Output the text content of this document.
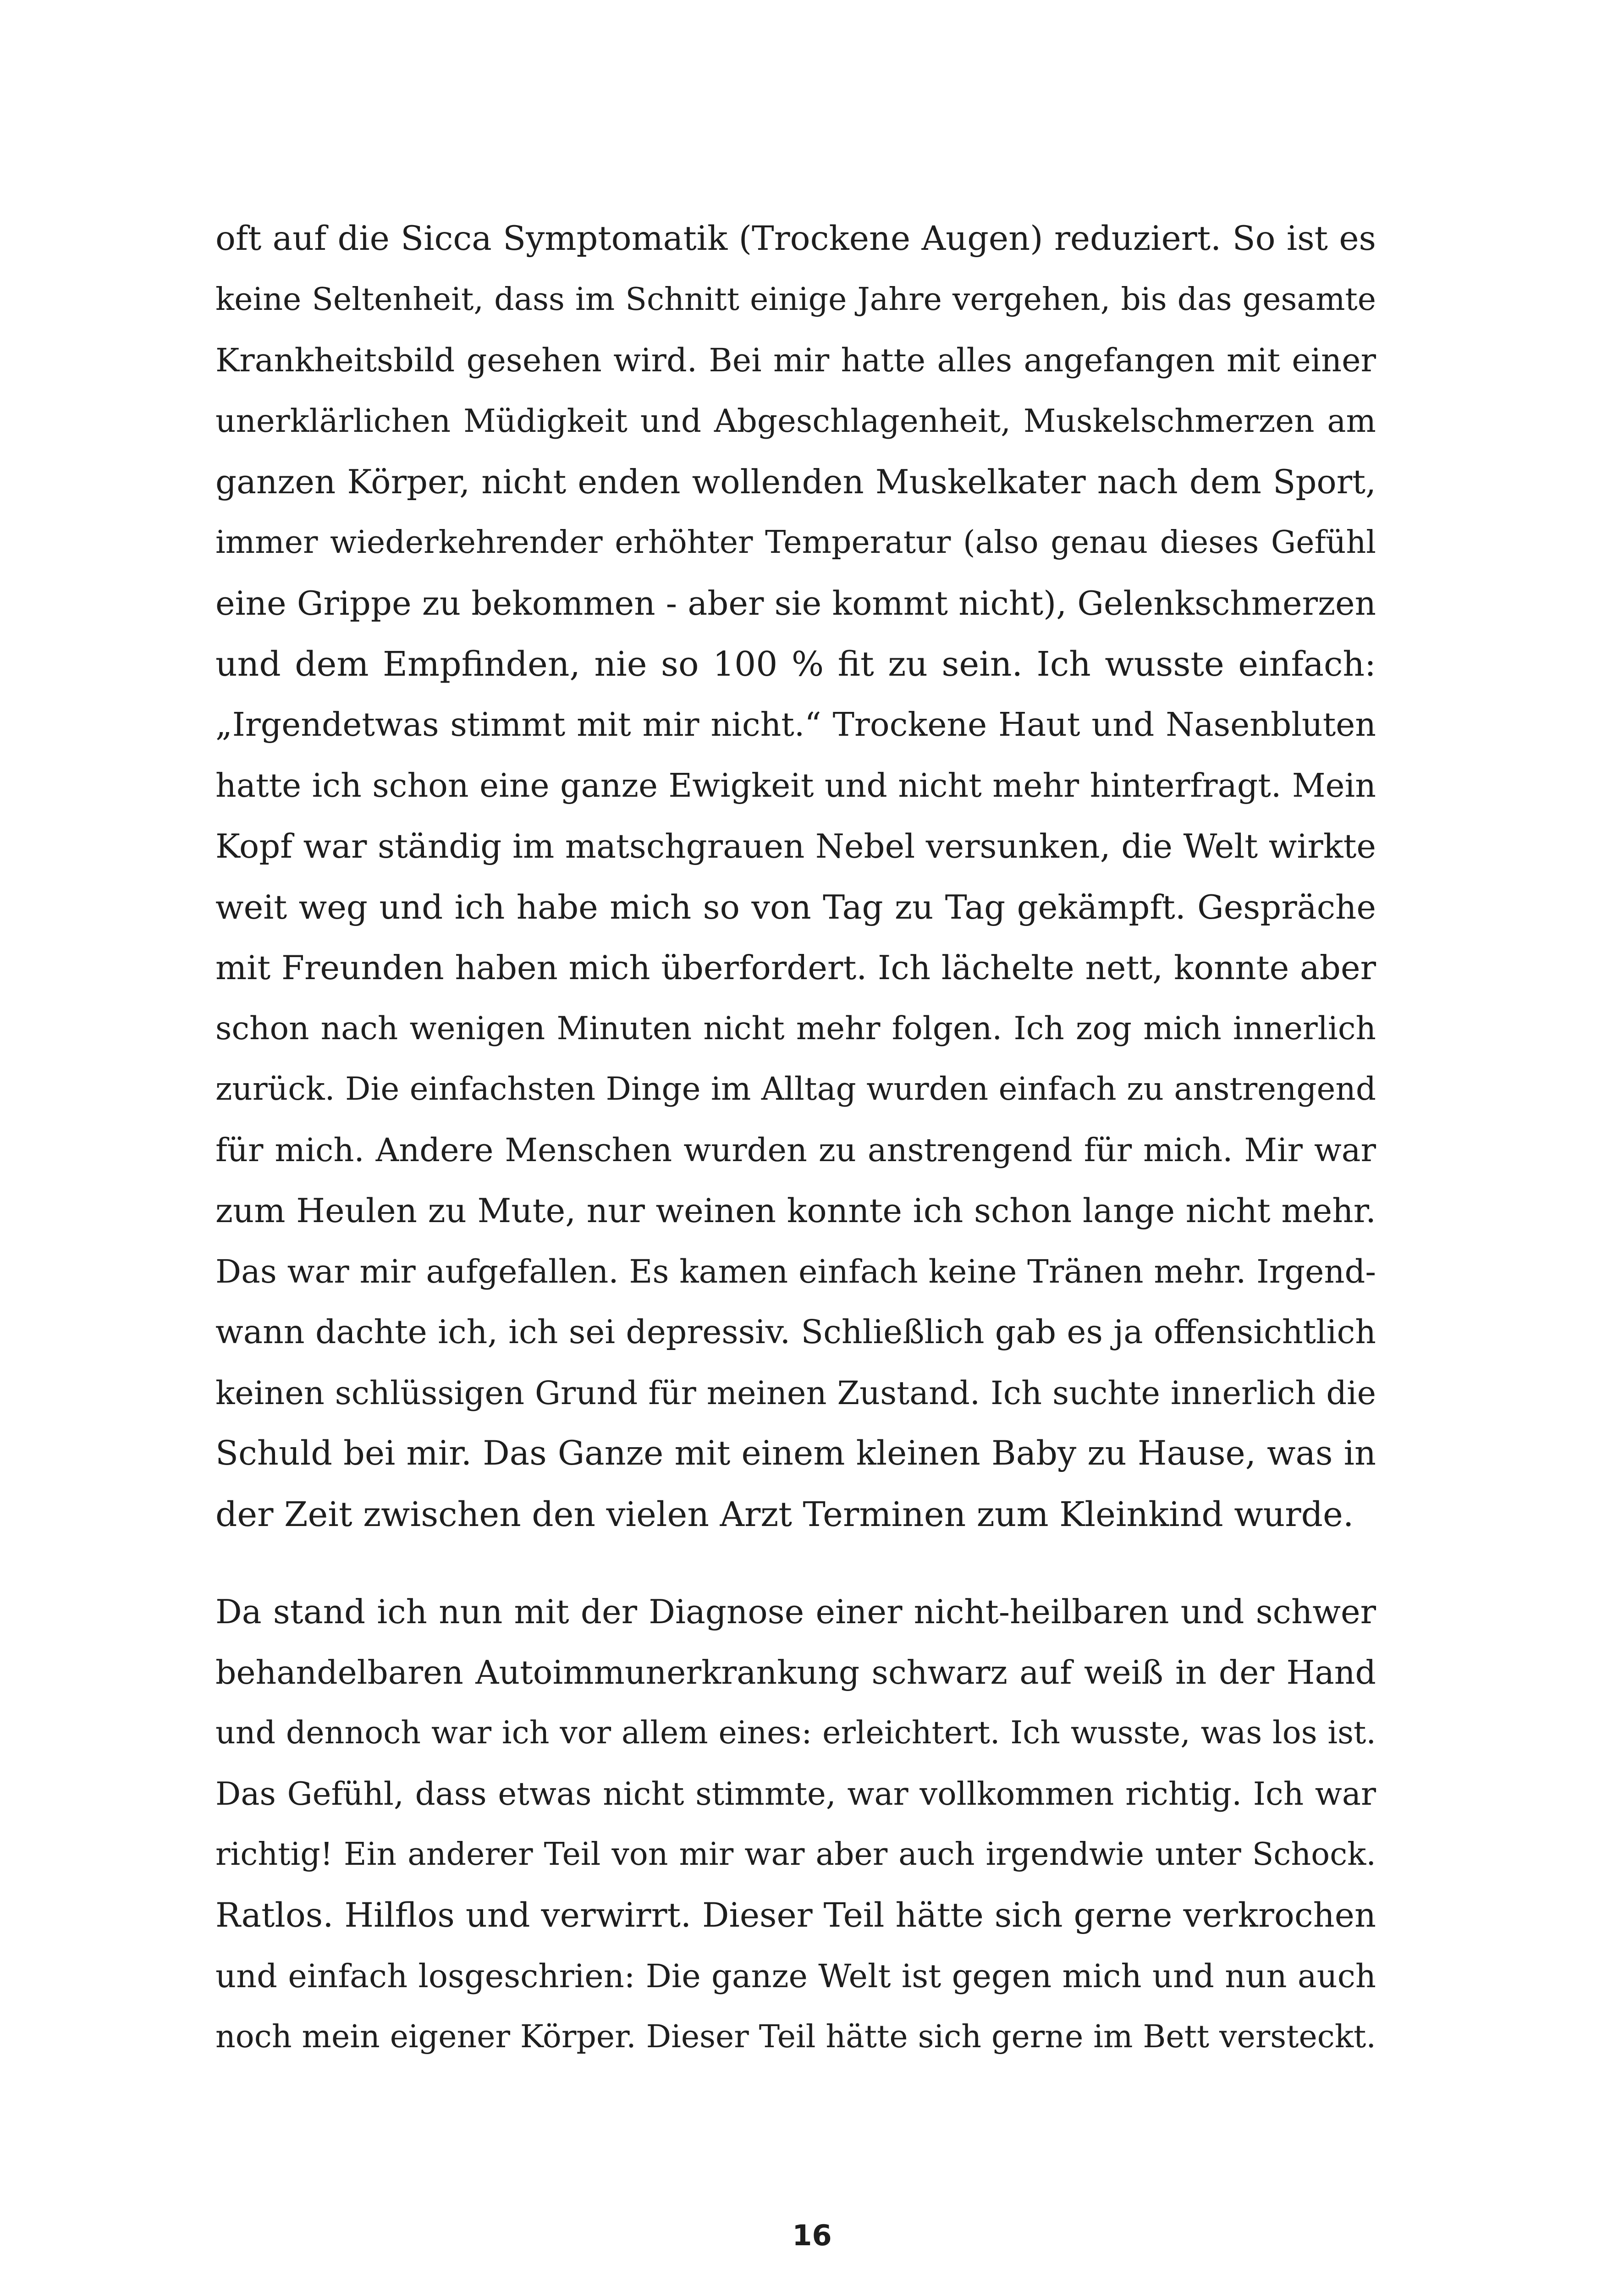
oft auf die Sicca Symptomatik (Trockene Augen) reduziert. So ist es
keine Seltenheit, dass im Schnitt einige Jahre vergehen, bis das gesamte
Krankheitsbild gesehen wird. Bei mir hatte alles angefangen mit einer
unerklärlichen Müdigkeit und Abgeschlagenheit, Muskelschmerzen am
ganzen Körper, nicht enden wollenden Muskelkater nach dem Sport,
immer wiederkehrender erhöhter Temperatur (also genau dieses Gefühl
eine Grippe zu bekommen - aber sie kommt nicht), Gelenkschmerzen
und dem Empfinden, nie so 100 % fit zu sein. Ich wusste einfach:
„Irgendetwas stimmt mit mir nicht.“ Trockene Haut und Nasenbluten
hatte ich schon eine ganze Ewigkeit und nicht mehr hinterfragt. Mein
Kopf war ständig im matschgrauen Nebel versunken, die Welt wirkte
weit weg und ich habe mich so von Tag zu Tag gekämpft. Gespräche
mit Freunden haben mich überfordert. Ich lächelte nett, konnte aber
schon nach wenigen Minuten nicht mehr folgen. Ich zog mich innerlich
zurück. Die einfachsten Dinge im Alltag wurden einfach zu anstrengend
für mich. Andere Menschen wurden zu anstrengend für mich. Mir war
zum Heulen zu Mute, nur weinen konnte ich schon lange nicht mehr.
Das war mir aufgefallen. Es kamen einfach keine Tränen mehr. Irgend-
wann dachte ich, ich sei depressiv. Schließlich gab es ja offensichtlich
keinen schlüssigen Grund für meinen Zustand. Ich suchte innerlich die
Schuld bei mir. Das Ganze mit einem kleinen Baby zu Hause, was in
der Zeit zwischen den vielen Arzt Terminen zum Kleinkind wurde.
Da stand ich nun mit der Diagnose einer nicht-heilbaren und schwer
behandelbaren Autoimmunerkrankung schwarz auf weiß in der Hand
und dennoch war ich vor allem eines: erleichtert. Ich wusste, was los ist.
Das Gefühl, dass etwas nicht stimmte, war vollkommen richtig. Ich war
richtig! Ein anderer Teil von mir war aber auch irgendwie unter Schock.
Ratlos. Hilflos und verwirrt. Dieser Teil hätte sich gerne verkrochen
und einfach losgeschrien: Die ganze Welt ist gegen mich und nun auch
noch mein eigener Körper. Dieser Teil hätte sich gerne im Bett versteckt.
16
